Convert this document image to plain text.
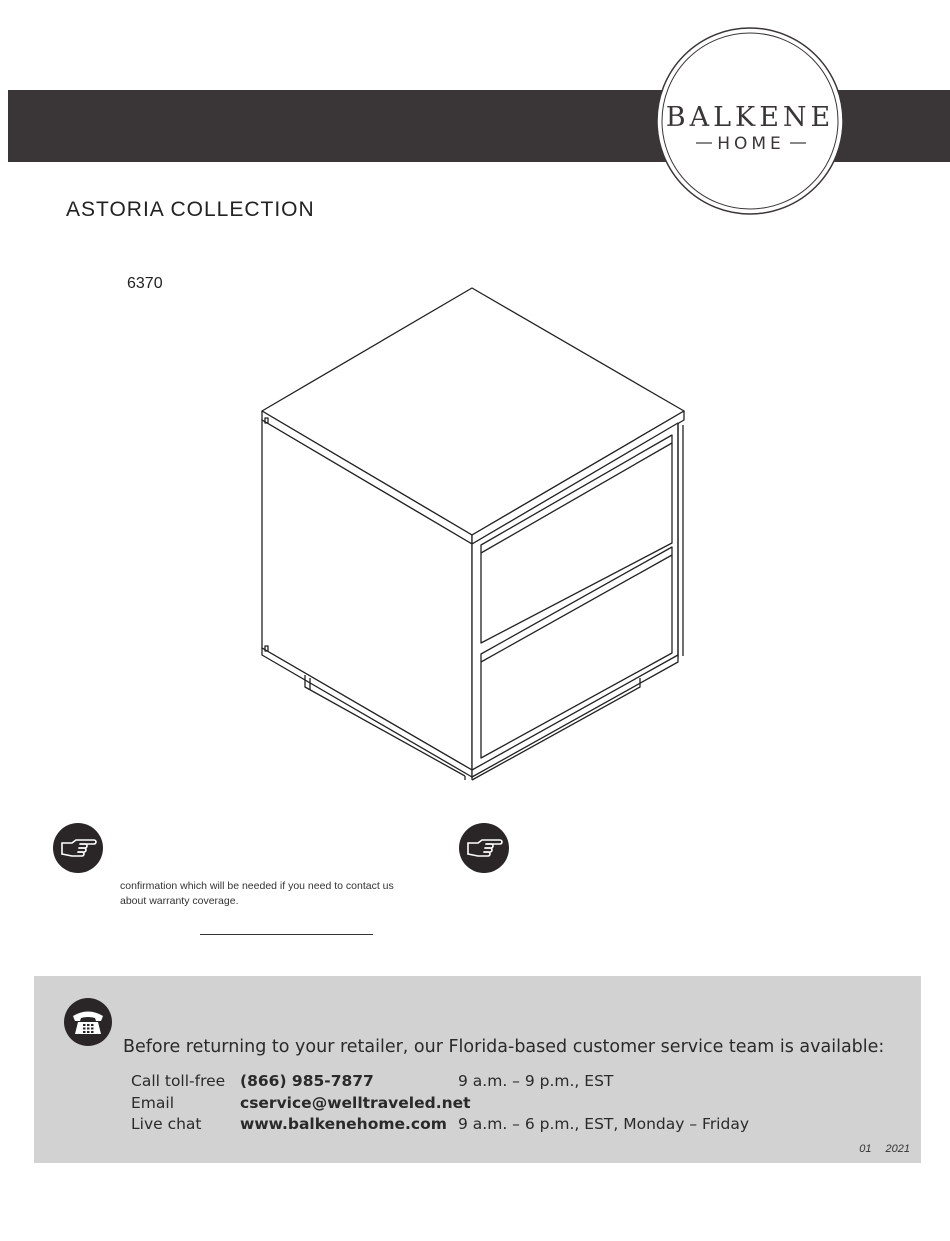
BALKENE
HOME
ASTORIA COLLECTION
6370
confirmation which will be needed if you need to contact us about warranty coverage.
Before returning to your retailer, our Florida-based customer service team is available:
Call toll-free (866) 985-7877	9 a.m. – 9 p.m., EST
Email	cservice@welltraveled.net
Live chat www.balkenehome.com 9 a.m. – 6 p.m., EST, Monday – Friday
01 2021
